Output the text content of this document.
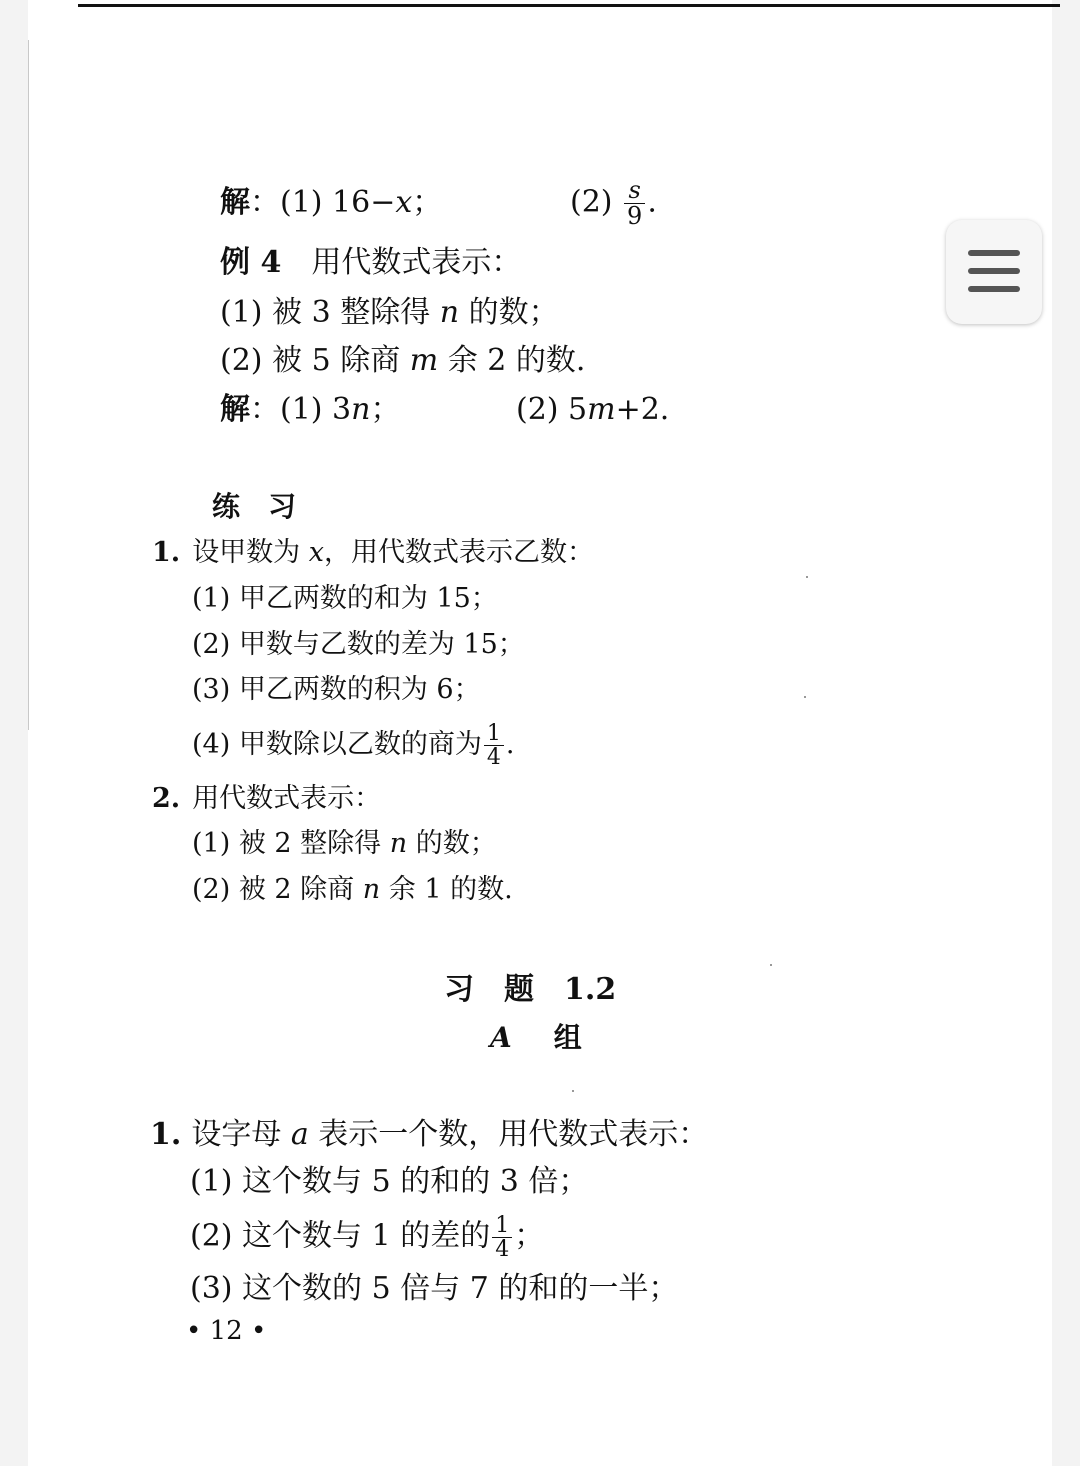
解：(1) 16−x；	$(2) \frac{s}{9}$ .
例 4 用代数式表示：
(1) 被 3 整除得 n 的数；
(2) 被 5 除商 m 余 2 的数.
解：(1) 3n；	(2) 5m+2.
练　习
1. 设甲数为 x，用代数式表示乙数：
(1) 甲乙两数的和为 15；
(2) 甲数与乙数的差为 15；
(3) 甲乙两数的积为 6；
(4) 甲数除以乙数的商为 $\frac{1}{4}$ .
2. 用代数式表示：
(1) 被 2 整除得 n 的数；
(2) 被 2 除商 n 余 1 的数.
习　题　1.2
A 组
1. 设字母 a 表示一个数，用代数式表示：
(1) 这个数与 5 的和的 3 倍；
(2) 这个数与 1 的差的 $\frac{1}{4}$ ；
(3) 这个数的 5 倍与 7 的和的一半；
• 12 •
